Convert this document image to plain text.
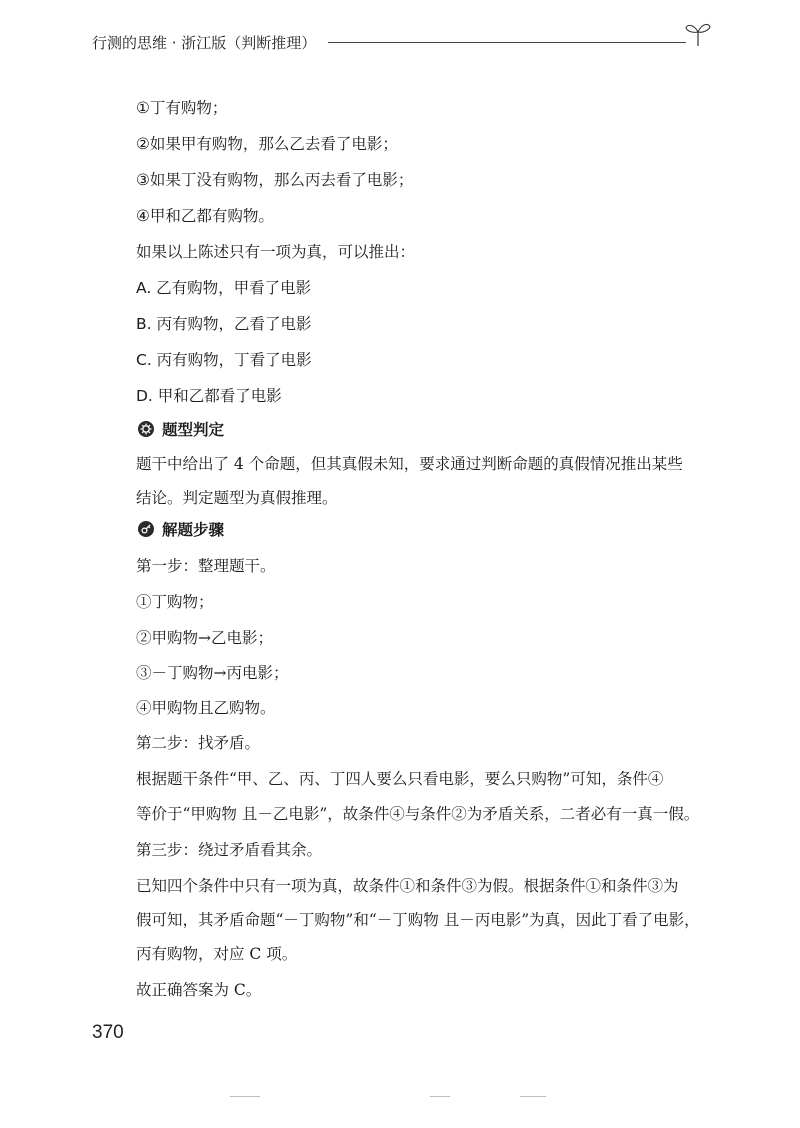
行测的思维 · 浙江版（判断推理）
①丁有购物；
②如果甲有购物，那么乙去看了电影；
③如果丁没有购物，那么丙去看了电影；
④甲和乙都有购物。
如果以上陈述只有一项为真，可以推出：
A. 乙有购物，甲看了电影
B. 丙有购物，乙看了电影
C. 丙有购物，丁看了电影
D. 甲和乙都看了电影
题型判定
题干中给出了 4 个命题，但其真假未知，要求通过判断命题的真假情况推出某些
结论。判定题型为真假推理。
解题步骤
第一步：整理题干。
①丁购物；
②甲购物→乙电影；
③－丁购物→丙电影；
④甲购物且乙购物。
第二步：找矛盾。
根据题干条件“甲、乙、丙、丁四人要么只看电影，要么只购物”可知，条件④
等价于“甲购物 且－乙电影”，故条件④与条件②为矛盾关系，二者必有一真一假。
第三步：绕过矛盾看其余。
已知四个条件中只有一项为真，故条件①和条件③为假。根据条件①和条件③为
假可知，其矛盾命题“－丁购物”和“－丁购物 且－丙电影”为真，因此丁看了电影，
丙有购物，对应 C 项。
故正确答案为 C。
370
